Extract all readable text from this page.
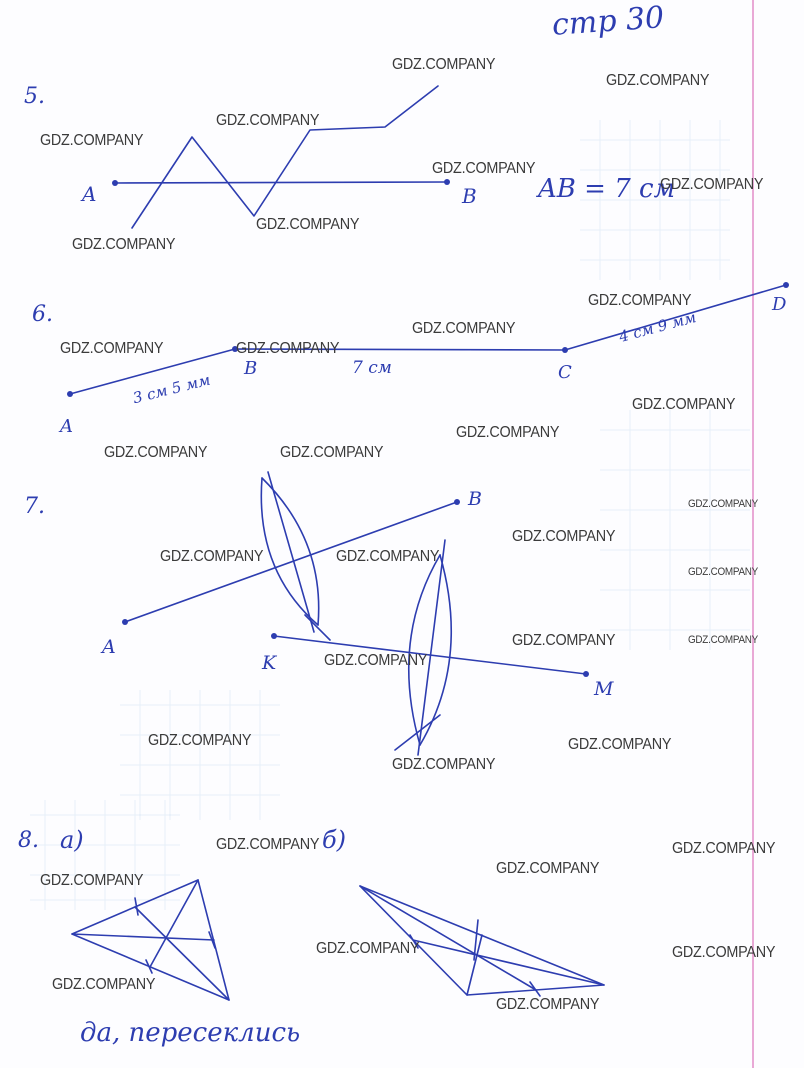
стр 30
5.
A	B AB = 7 см
6.
A
B	C
D
3 см 5 мм
7 см
4 см 9 мм
7.
A
B
K
M
8. а)	б)
да, пересеклись
GDZ.COMPANY
GDZ.COMPANY
GDZ.COMPANY
GDZ.COMPANY
GDZ.COMPANY
GDZ.COMPANY
GDZ.COMPANY
GDZ.COMPANY
GDZ.COMPANY
GDZ.COMPANY
GDZ.COMPANY	GDZ.COMPANY
GDZ.COMPANY
GDZ.COMPANY
GDZ.COMPANY	GDZ.COMPANY
GDZ.COMPANY
GDZ.COMPANY
GDZ.COMPANY	GDZ.COMPANY
GDZ.COMPANY
GDZ.COMPANY	GDZ.COMPANY
GDZ.COMPANY
GDZ.COMPANY	GDZ.COMPANY
GDZ.COMPANY
GDZ.COMPANY	GDZ.COMPANY
GDZ.COMPANY
GDZ.COMPANY
GDZ.COMPANY	GDZ.COMPANY
GDZ.COMPANY
GDZ.COMPANY
